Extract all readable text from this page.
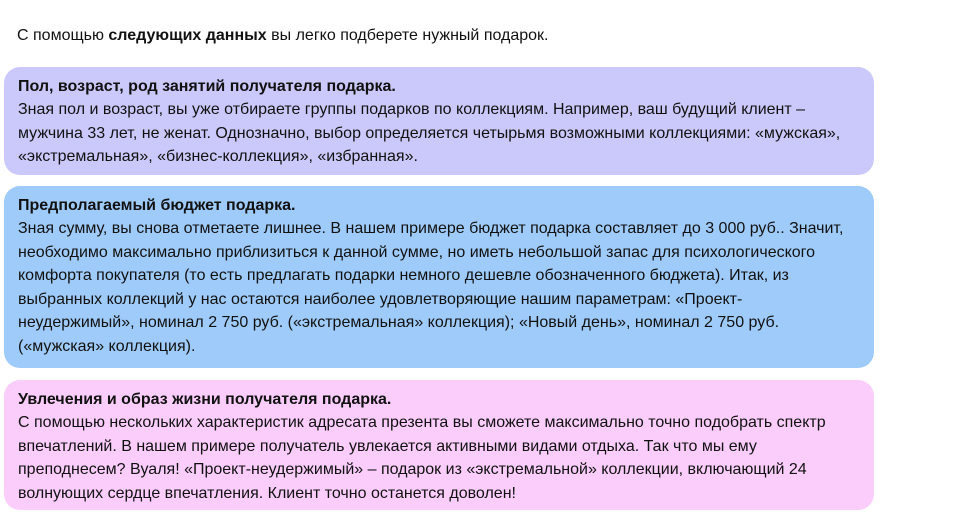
С помощью следующих данных вы легко подберете нужный подарок.

Пол, возраст, род занятий получателя подарка.

Зная пол и возраст, вы уже отбираете группы подарков по коллекциям. Например, ваш будущий клиент –
мужчина 33 лет, не женат. Однозначно, выбор определяется четырьмя возможными коллекциями: «мужская»,
«экстремальная», «бизнес-коллекция», «избранная».

Предполагаемый бюджет подарка.

Зная сумму, вы снова отметаете лишнее. В нашем примере бюджет подарка составляет до 3 000 руб.. Значит,
необходимо максимально приблизиться к данной сумме, но иметь небольшой запас для психологического
комфорта покупателя (то есть предлагать подарки немного дешевле обозначенного бюджета). Итак, из
выбранных коллекций у нас остаются наиболее удовлетворяющие нашим параметрам: «Проект-
неудержимый», номинал 2 750 руб. («экстремальная» коллекция); «Новый день», номинал 2 750 руб.
(«мужская» коллекция).

Увлечения и образ жизни получателя подарка.

С помощью нескольких характеристик адресата презента вы сможете максимально точно подобрать спектр
впечатлений. В нашем примере получатель увлекается активными видами отдыха. Так что мы ему
преподнесем? Вуаля! «Проект-неудержимый» – подарок из «экстремальной» коллекции, включающий 24
волнующих сердце впечатления. Клиент точно останется доволен!
